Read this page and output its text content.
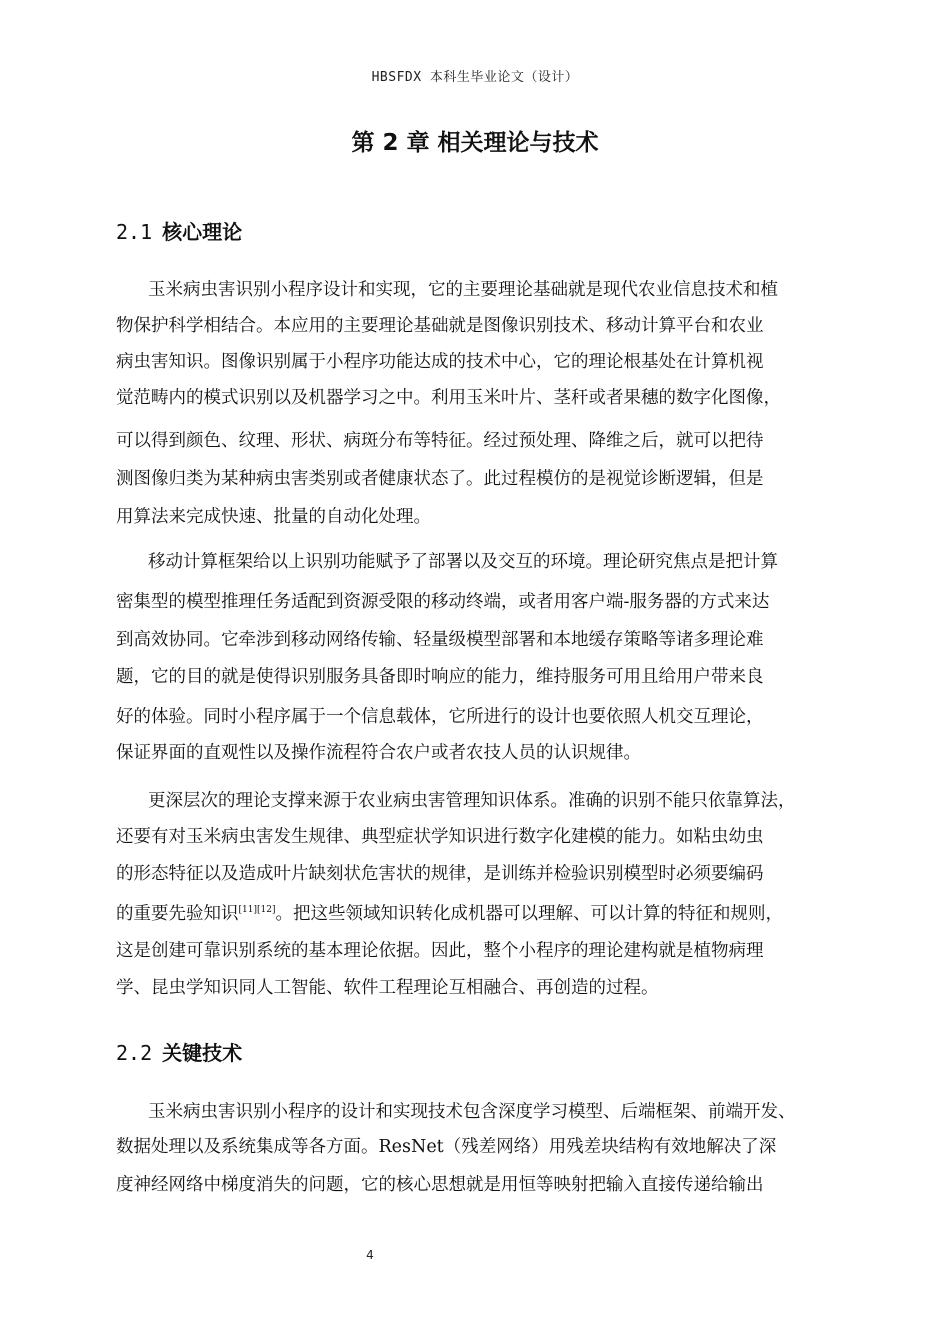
HBSFDX 本科生毕业论文（设计）
第 2 章 相关理论与技术
2.1 核心理论
玉米病虫害识别小程序设计和实现，它的主要理论基础就是现代农业信息技术和植
物保护科学相结合。本应用的主要理论基础就是图像识别技术、移动计算平台和农业
病虫害知识。图像识别属于小程序功能达成的技术中心，它的理论根基处在计算机视
觉范畴内的模式识别以及机器学习之中。利用玉米叶片、茎秆或者果穗的数字化图像，
可以得到颜色、纹理、形状、病斑分布等特征。经过预处理、降维之后，就可以把待
测图像归类为某种病虫害类别或者健康状态了。此过程模仿的是视觉诊断逻辑，但是
用算法来完成快速、批量的自动化处理。
移动计算框架给以上识别功能赋予了部署以及交互的环境。理论研究焦点是把计算
密集型的模型推理任务适配到资源受限的移动终端，或者用客户端-服务器的方式来达
到高效协同。它牵涉到移动网络传输、轻量级模型部署和本地缓存策略等诸多理论难
题，它的目的就是使得识别服务具备即时响应的能力，维持服务可用且给用户带来良
好的体验。同时小程序属于一个信息载体，它所进行的设计也要依照人机交互理论，
保证界面的直观性以及操作流程符合农户或者农技人员的认识规律。
更深层次的理论支撑来源于农业病虫害管理知识体系。准确的识别不能只依靠算法，
还要有对玉米病虫害发生规律、典型症状学知识进行数字化建模的能力。如粘虫幼虫
的形态特征以及造成叶片缺刻状危害状的规律，是训练并检验识别模型时必须要编码
的重要先验知识[11][12]。把这些领域知识转化成机器可以理解、可以计算的特征和规则，
这是创建可靠识别系统的基本理论依据。因此，整个小程序的理论建构就是植物病理
学、昆虫学知识同人工智能、软件工程理论互相融合、再创造的过程。
2.2 关键技术
玉米病虫害识别小程序的设计和实现技术包含深度学习模型、后端框架、前端开发、
数据处理以及系统集成等各方面。ResNet（残差网络）用残差块结构有效地解决了深
度神经网络中梯度消失的问题，它的核心思想就是用恒等映射把输入直接传递给输出
4
